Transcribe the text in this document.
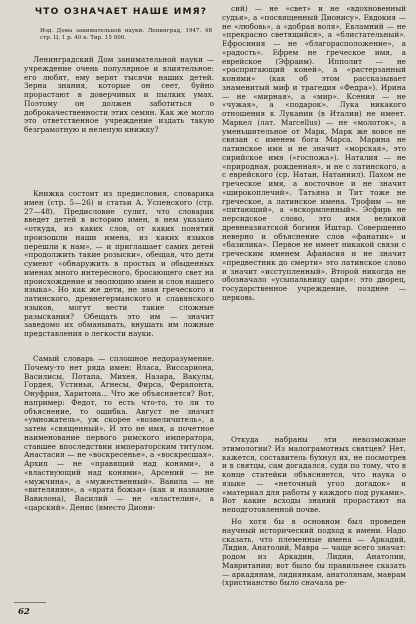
ЧТО ОЗНАЧАЕТ НАШЕ ИМЯ?
Изд. Дома занимательной науки. Ленинград, 1947. 48 стр. Ц. 1 р. 40 к. Тир. 15 000.

Ленинградский Дом занимательной науки — учреждение очень популярное и влиятельное: его любят, ему верят тысячи наших детей. Зерна знания, которые он сеет, буйно прорастают в доверчивых и пылких умах. Поэтому он должен заботиться о доброкачественности этих семян. Как же могло это ответственное учреждение издать такую безграмотную и нелепую книжку?

Книжка состоит из предисловия, словарика имен (стр. 5—26) и статьи А. Успенского (стр. 27—48). Предисловие сулит, что словарик введет детей в историю имен, в нем указано «откуда, из каких слов, от каких понятий произошли наши имена, из каких языков перешли к нам», — и приглашает самих детей «продолжить такие розыски», обещая, что дети сумеют «обнаружить в простых и обыденных именах много интересного, бросающего свет на происхождение и эволюцию имен и слов нашего языка». Но как же дети, не зная греческого и латинского, древнегерманского и славянского языков, могут вести такие сложные разыскания? Обещать это им — значит заведомо их обманывать, внушать им ложные представления о легкости науки.

Самый словарь — сплошное недоразумение. Почему-то нет ряда имен: Власа, Виссариона, Василисы, Потапа, Михея, Назара, Вакулы, Гордея, Устиньи, Агнесы, Фирса, Ферапонта, Онуфрия, Харитона... Что же объясняется? Вот, например: Федот, то есть что-то, то ли то объяснение, то ошибка. Август не значит «умножатель», уж скорее «возвеличитель», а затем «священный». И это не имя, а почетное наименование первого римского императора, ставшее впоследствии императорским титулом. Анастасия — не «воскресенье», а «воскресшая». Архип — не «правящий над конями», а «властвующий над конями», Арсений — не «мужчина», а «мужественный». Вавила — не «вителянин», а «врата божьи» (как и название Вавилона), Василий — не «властелин», а «царский». Денис (вместо Диони-

сий) — не «свет» и не «вдохновенный судья», а «посвященный Дионису». Евдокия — не «любовь», а «добрая воля», Евламний — не «прекрасно светящийся», а «блистательный». Ефросиния — не «благорасположение», а «радость». Ефрем не греческое имя, а еврейское (Эфраим). Ипполит — не «распрягающий коней», а «растерзанный конями» (как об этом рассказывает знаменитый миф и трагедия «Федра»). Ирина — не «мирная», а «мир». Ксения — не «чужая», а «подарок». Лука никакого отношения к Лукании (в Италии) не имеет. Маркел (лат. Marcellus) — не «молоток», а уменьшительное от Марк, Марк же вовсе не связан с именем бога Марса. Марина не латинское имя и не значит «морская», это сирийское имя («госпожа»). Наталия — не «природная, рожденная», и не с латинского, а с еврейского (ср. Натан, Натаниил). Пахом не греческое имя, а восточное и не значит «широкоплечий». Татьяна и Тит тоже не греческое, а латинское имена. Трофим — не «питающий», а «вскормленный». Эсфирь не персидское слово, это имя великой древнеазиатской богини Иштар. Совершенно неверно и объяснение слов «фанатик» и «базилика». Первое не имеет никакой связи с греческим именем Афанасия и не значит «предвестник до смерти» это латинское слово и значит «исступленный». Второй никогда не обозначало «усыпальницу царя»: это дворец, государственное учреждение, позднее — церковь.

Откуда набраны эти невозможные этимологии? Из малограмотных святцев? Нет, кажется, составитель бухнул их, не посмотрев и в святцы, сам догадался, судя по тому, что в конце статейки объясняется, что наука о языке — «неточный угол догадок» и «материал для работы у каждого под руками». Вот какие всходы знаний прорастают на неподготовленной почве.

Но хотя бы в основном был проведен научный исторический подход к имени. Надо сказать, что племенные имена — Аркадий, Лидия, Анатолий, Мавра — чаще всего значат: родом из Аркадии, Лидии, Анатолии, Мавритании; вот было бы правильнее сказать — аркадянам, лидиянкам, анатолянам, маврам (христианство было сначала ре-

62
